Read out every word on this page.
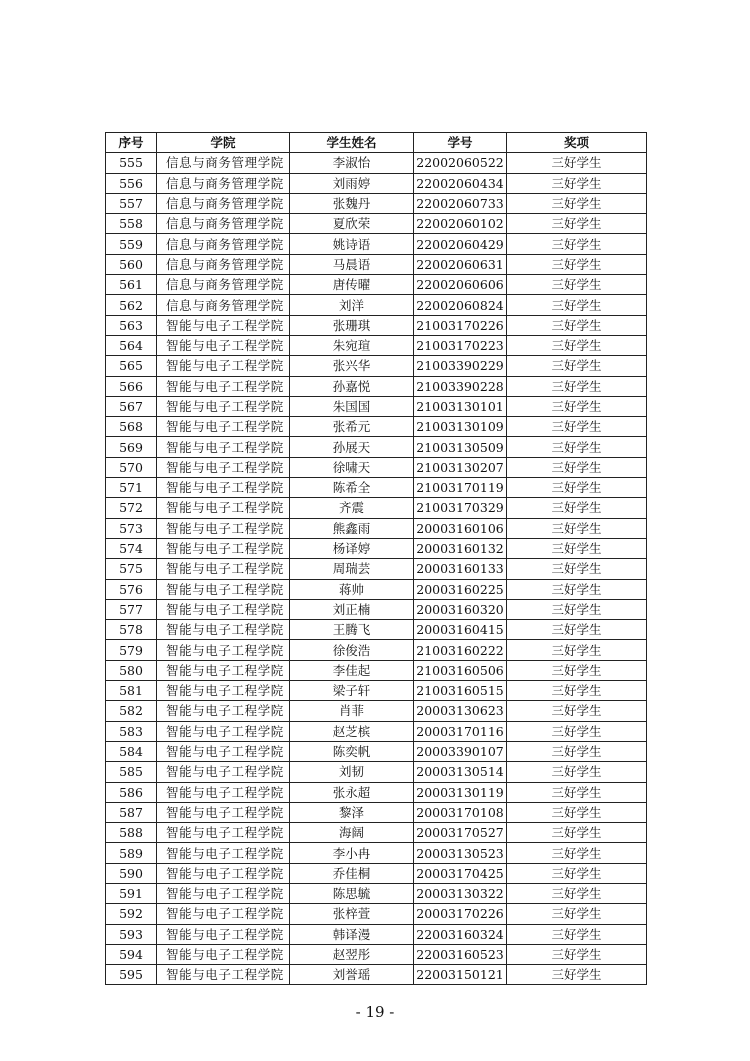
序号	学院	学生姓名	学号	奖项
555	信息与商务管理学院	李淑怡	22002060522	三好学生
556	信息与商务管理学院	刘雨婷	22002060434	三好学生
557	信息与商务管理学院	张魏丹	22002060733	三好学生
558	信息与商务管理学院	夏欣荣	22002060102	三好学生
559	信息与商务管理学院	姚诗语	22002060429	三好学生
560	信息与商务管理学院	马晨语	22002060631	三好学生
561	信息与商务管理学院	唐传曜	22002060606	三好学生
562	信息与商务管理学院	刘洋	22002060824	三好学生
563	智能与电子工程学院	张珊琪	21003170226	三好学生
564	智能与电子工程学院	朱宛瑄	21003170223	三好学生
565	智能与电子工程学院	张兴华	21003390229	三好学生
566	智能与电子工程学院	孙嘉悦	21003390228	三好学生
567	智能与电子工程学院	朱国国	21003130101	三好学生
568	智能与电子工程学院	张希元	21003130109	三好学生
569	智能与电子工程学院	孙展天	21003130509	三好学生
570	智能与电子工程学院	徐啸天	21003130207	三好学生
571	智能与电子工程学院	陈希全	21003170119	三好学生
572	智能与电子工程学院	齐震	21003170329	三好学生
573	智能与电子工程学院	熊鑫雨	20003160106	三好学生
574	智能与电子工程学院	杨译婷	20003160132	三好学生
575	智能与电子工程学院	周瑞芸	20003160133	三好学生
576	智能与电子工程学院	蒋帅	20003160225	三好学生
577	智能与电子工程学院	刘正楠	20003160320	三好学生
578	智能与电子工程学院	王腾飞	20003160415	三好学生
579	智能与电子工程学院	徐俊浩	21003160222	三好学生
580	智能与电子工程学院	李佳起	21003160506	三好学生
581	智能与电子工程学院	梁子轩	21003160515	三好学生
582	智能与电子工程学院	肖菲	20003130623	三好学生
583	智能与电子工程学院	赵芝槟	20003170116	三好学生
584	智能与电子工程学院	陈奕帆	20003390107	三好学生
585	智能与电子工程学院	刘韧	20003130514	三好学生
586	智能与电子工程学院	张永超	20003130119	三好学生
587	智能与电子工程学院	黎泽	20003170108	三好学生
588	智能与电子工程学院	海阔	20003170527	三好学生
589	智能与电子工程学院	李小冉	20003130523	三好学生
590	智能与电子工程学院	乔佳桐	20003170425	三好学生
591	智能与电子工程学院	陈思毓	20003130322	三好学生
592	智能与电子工程学院	张梓萱	20003170226	三好学生
593	智能与电子工程学院	韩译漫	22003160324	三好学生
594	智能与电子工程学院	赵翌彤	22003160523	三好学生
595	智能与电子工程学院	刘誉瑶	22003150121	三好学生
- 19 -
